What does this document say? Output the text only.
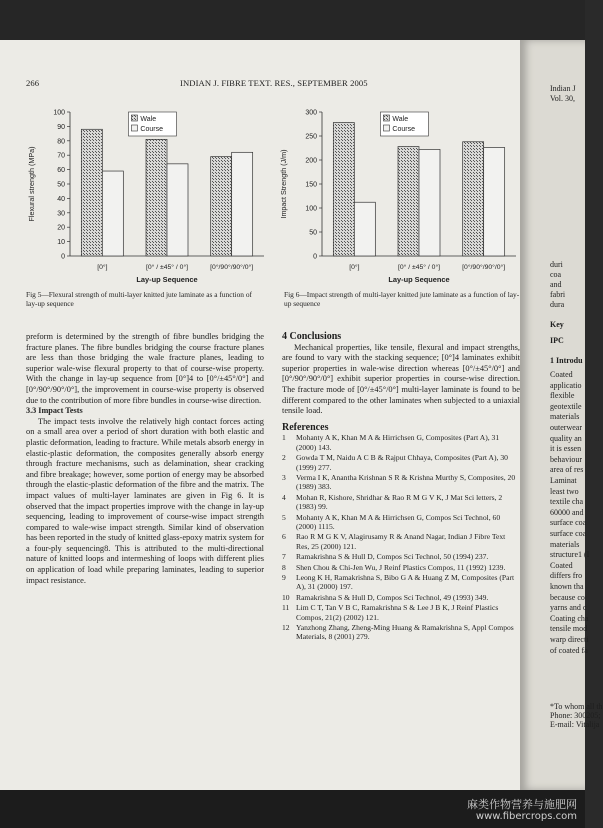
266	INDIAN J. FIBRE TEXT. RES., SEPTEMBER 2005
0
10
20
30
40
50
60
70
80
90
100
Flexural strength (MPa)
[0°]	[0° / ±45° / 0°]	[0°/90°/90°/0°]
Lay-up Sequence
Wale
Course
0
50
100
150
200
250
300
Impact Strength (J/m)
[0°]	[0° / ±45° / 0°]	[0°/90°/90°/0°]
Lay-up Sequence
Wale
Course
Fig 5—Flexural strength of multi-layer knitted jute laminate as a function of lay-up sequence
Fig 6—Impact strength of multi-layer knitted jute laminate as a function of lay-up sequence

preform is determined by the strength of fibre bundles bridging the fracture planes. The fibre bundles bridging the course fracture planes are less than those bridging the wale fracture planes, leading to superior wale-wise flexural property to that of course-wise property. With the change in lay-up sequence from [0°]4 to [0°/±45°/0°] and [0°/90°/90°/0°], the improvement in course-wise property is observed due to the contribution of more fibre bundles in course-wise direction.

3.3 Impact Tests

The impact tests involve the relatively high contact forces acting on a small area over a period of short duration with both elastic and plastic deformation, leading to fracture. While metals absorb energy in elastic-plastic deformation, the composites generally absorb energy through fracture mechanisms, such as delamination, shear cracking and fibre breakage; however, some portion of energy may be absorbed through the elastic-plastic deformation of the fibre and the matrix. The impact values of multi-layer laminates are given in Fig 6. It is observed that the impact properties improve with the change in lay-up sequencing, leading to improvement of course-wise impact strength compared to wale-wise impact strength. Similar kind of observation has been reported in the study of knitted glass-epoxy matrix system for a four-ply sequencing8. This is attributed to the multi-directional nature of knitted loops and intermeshing of loops with different plies on application of load while preparing laminates, leading to superior impact resistance.

4 Conclusions

Mechanical properties, like tensile, flexural and impact strengths, are found to vary with the stacking sequence; [0°]4 laminates exhibit superior properties in wale-wise direction whereas [0°/±45°/0°] and [0°/90°/90°/0°] exhibit superior properties in course-wise direction. The fracture mode of [0°/±45°/0°] multi-layer laminate is found to be different compared to the other laminates when subjected to a uniaxial tensile load.

References

1 Mohanty A K, Khan M A & Hirrichsen G, Composites (Part A), 31 (2000) 143.
2 Gowda T M, Naidu A C B & Rajput Chhaya, Composites (Part A), 30 (1999) 277.
3 Verma I K, Anantha Krishnan S R & Krishna Murthy S, Composites, 20 (1989) 383.
4 Mohan R, Kishore, Shridhar & Rao R M G V K, J Mat Sci letters, 2 (1983) 99.
5 Mohanty A K, Khan M A & Hirrichsen G, Compos Sci Technol, 60 (2000) 1115.
6 Rao R M G K V, Alagirusamy R & Anand Nagar, Indian J Fibre Text Res, 25 (2000) 121.
7 Ramakrishna S & Hull D, Compos Sci Technol, 50 (1994) 237.
8 Shen Chou & Chi-Jen Wu, J Reinf Plastics Compos, 11 (1992) 1239.
9 Leong K H, Ramakrishna S, Bibo G A & Huang Z M, Composites (Part A), 31 (2000) 197.
10 Ramakrishna S & Hull D, Compos Sci Technol, 49 (1993) 349.
11 Lim C T, Tan V B C, Ramakrishna S & Lee J B K, J Reinf Plastics Compos, 21(2) (2002) 121.
12 Yanzhong Zhang, Zheng-Ming Huang & Ramakrishna S, Appl Compos Materials, 8 (2001) 279.
Indian J
Vol. 30,
duri
coa
and
fabri
dura
Key
IPC
1 Introdu
Coated
applicatio
flexible
geotextile
materials
outerwear
quality an
it is essen
behaviour
area of res
Laminat
least two
textile cha
60000 and
surface coa
surface coa
materials
structure1 (I
Coated
differs fro
known tha
because co
yarns and c
Coating cha
tensile mod
warp directi
of coated fa
*To whom all th
Phone: 300205;
E-mail: Vitalija
麻类作物营养与施肥网
www.fibercrops.com
